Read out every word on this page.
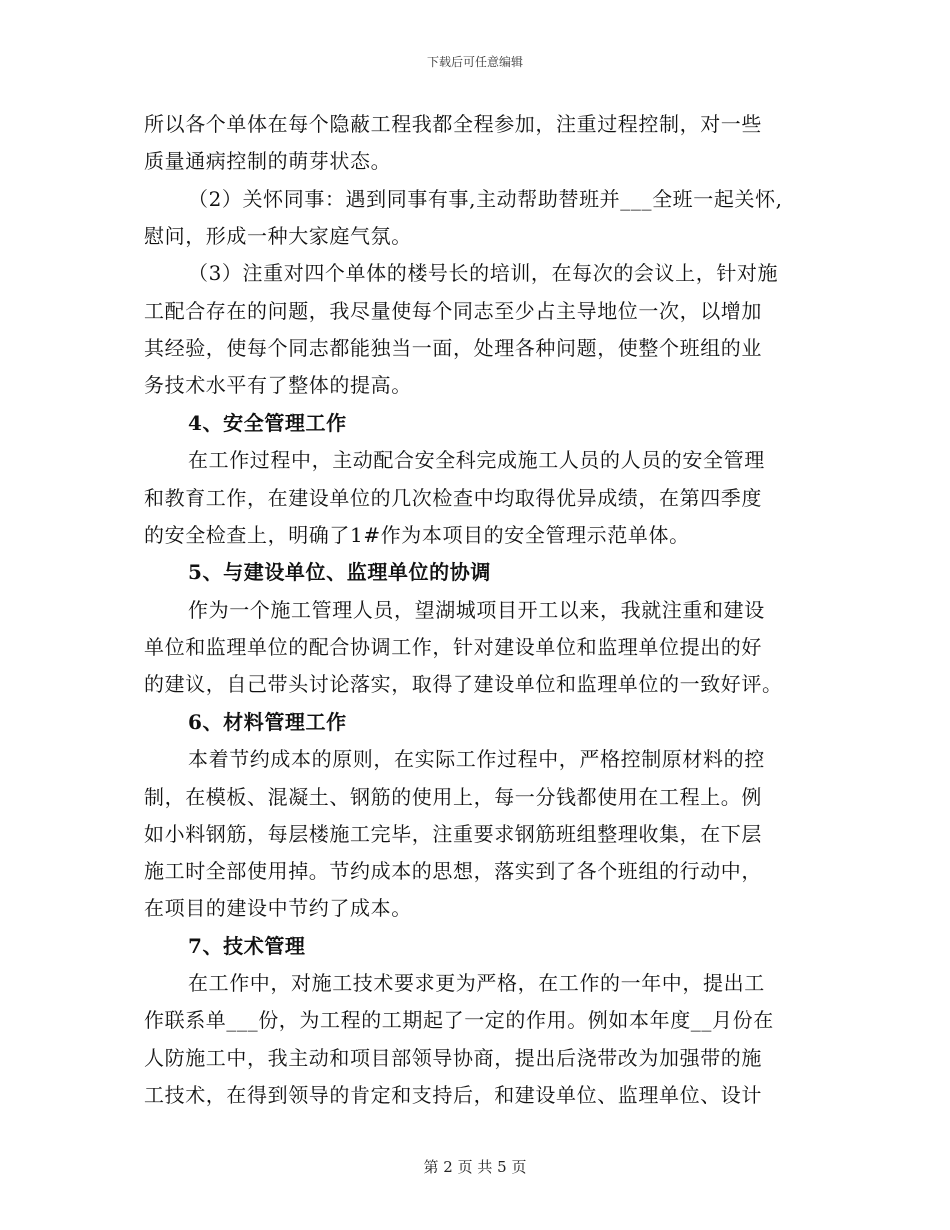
下载后可任意编辑
所以各个单体在每个隐蔽工程我都全程参加，注重过程控制，对一些
质量通病控制的萌芽状态。
（2）关怀同事：遇到同事有事,主动帮助替班并___全班一起关怀,
慰问，形成一种大家庭气氛。
（3）注重对四个单体的楼号长的培训，在每次的会议上，针对施
工配合存在的问题，我尽量使每个同志至少占主导地位一次，以增加
其经验，使每个同志都能独当一面，处理各种问题，使整个班组的业
务技术水平有了整体的提高。
4、安全管理工作
在工作过程中，主动配合安全科完成施工人员的人员的安全管理
和教育工作，在建设单位的几次检查中均取得优异成绩，在第四季度
的安全检查上，明确了1#作为本项目的安全管理示范单体。
5、与建设单位、监理单位的协调
作为一个施工管理人员，望湖城项目开工以来，我就注重和建设
单位和监理单位的配合协调工作，针对建设单位和监理单位提出的好
的建议，自己带头讨论落实，取得了建设单位和监理单位的一致好评。
6、材料管理工作
本着节约成本的原则，在实际工作过程中，严格控制原材料的控
制，在模板、混凝土、钢筋的使用上，每一分钱都使用在工程上。例
如小料钢筋，每层楼施工完毕，注重要求钢筋班组整理收集，在下层
施工时全部使用掉。节约成本的思想，落实到了各个班组的行动中，
在项目的建设中节约了成本。
7、技术管理
在工作中，对施工技术要求更为严格，在工作的一年中，提出工
作联系单___份，为工程的工期起了一定的作用。例如本年度__月份在
人防施工中，我主动和项目部领导协商，提出后浇带改为加强带的施
工技术，在得到领导的肯定和支持后，和建设单位、监理单位、设计
第 2 页 共 5 页
